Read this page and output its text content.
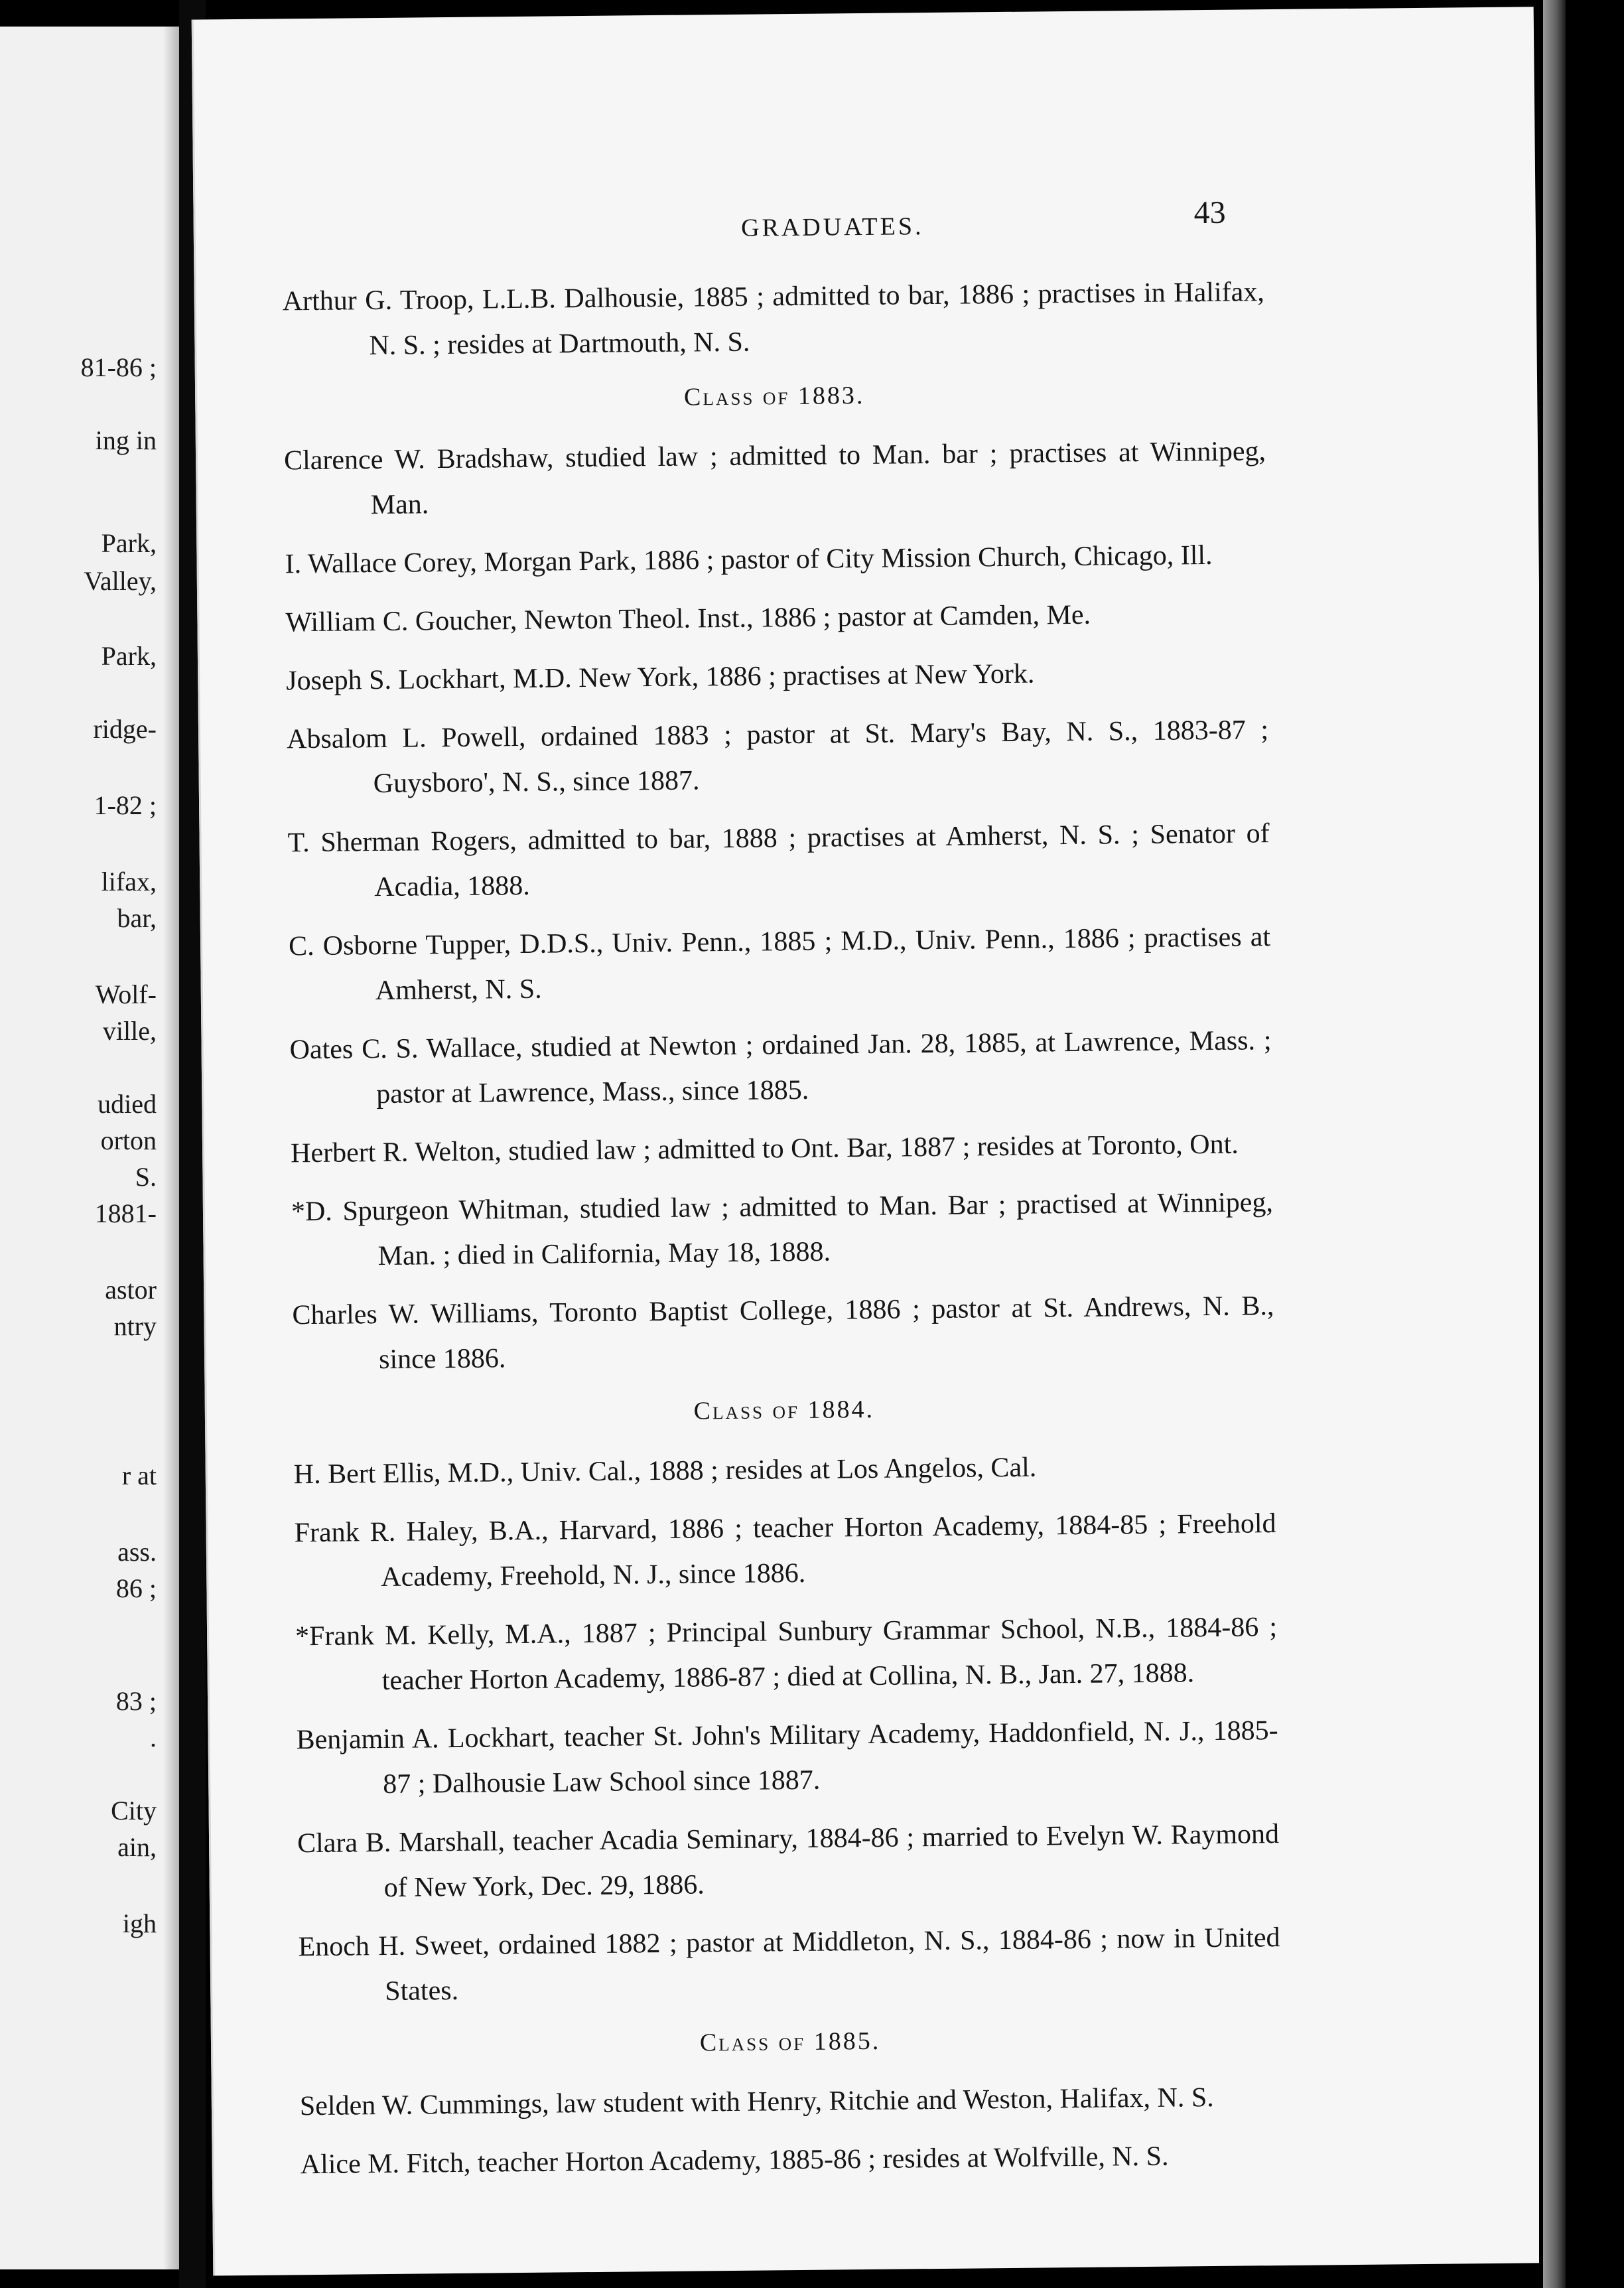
81-86 ;
ing in
Park,
Valley,
Park,
ridge-
1-82 ;
lifax,
bar,
Wolf-
ville,
udied
orton
S.
1881-
astor
ntry
r at
ass.
86 ;
83 ;
.
City
ain,
igh
GRADUATES.	43

Arthur G. Troop, L.L.B. Dalhousie, 1885 ; admitted to bar, 1886 ; practises in Halifax, N. S. ; resides at Dartmouth, N. S.

Class of 1883.

Clarence W. Bradshaw, studied law ; admitted to Man. bar ; practises at Winnipeg, Man.

I. Wallace Corey, Morgan Park, 1886 ; pastor of City Mission Church, Chicago, Ill.

William C. Goucher, Newton Theol. Inst., 1886 ; pastor at Camden, Me.

Joseph S. Lockhart, M.D. New York, 1886 ; practises at New York.

Absalom L. Powell, ordained 1883 ; pastor at St. Mary's Bay, N. S., 1883-87 ; Guysboro', N. S., since 1887.

T. Sherman Rogers, admitted to bar, 1888 ; practises at Amherst, N. S. ; Senator of Acadia, 1888.

C. Osborne Tupper, D.D.S., Univ. Penn., 1885 ; M.D., Univ. Penn., 1886 ; practises at Amherst, N. S.

Oates C. S. Wallace, studied at Newton ; ordained Jan. 28, 1885, at Lawrence, Mass. ; pastor at Lawrence, Mass., since 1885.

Herbert R. Welton, studied law ; admitted to Ont. Bar, 1887 ; resides at Toronto, Ont.

*D. Spurgeon Whitman, studied law ; admitted to Man. Bar ; practised at Winnipeg, Man. ; died in California, May 18, 1888.

Charles W. Williams, Toronto Baptist College, 1886 ; pastor at St. Andrews, N. B., since 1886.

Class of 1884.

H. Bert Ellis, M.D., Univ. Cal., 1888 ; resides at Los Angelos, Cal.

Frank R. Haley, B.A., Harvard, 1886 ; teacher Horton Academy, 1884-85 ; Freehold Academy, Freehold, N. J., since 1886.

*Frank M. Kelly, M.A., 1887 ; Principal Sunbury Grammar School, N.B., 1884-86 ; teacher Horton Academy, 1886-87 ; died at Collina, N. B., Jan. 27, 1888.

Benjamin A. Lockhart, teacher St. John's Military Academy, Haddonfield, N. J., 1885-87 ; Dalhousie Law School since 1887.

Clara B. Marshall, teacher Acadia Seminary, 1884-86 ; married to Evelyn W. Raymond of New York, Dec. 29, 1886.

Enoch H. Sweet, ordained 1882 ; pastor at Middleton, N. S., 1884-86 ; now in United States.

Class of 1885.

Selden W. Cummings, law student with Henry, Ritchie and Weston, Halifax, N. S.

Alice M. Fitch, teacher Horton Academy, 1885-86 ; resides at Wolfville, N. S.
